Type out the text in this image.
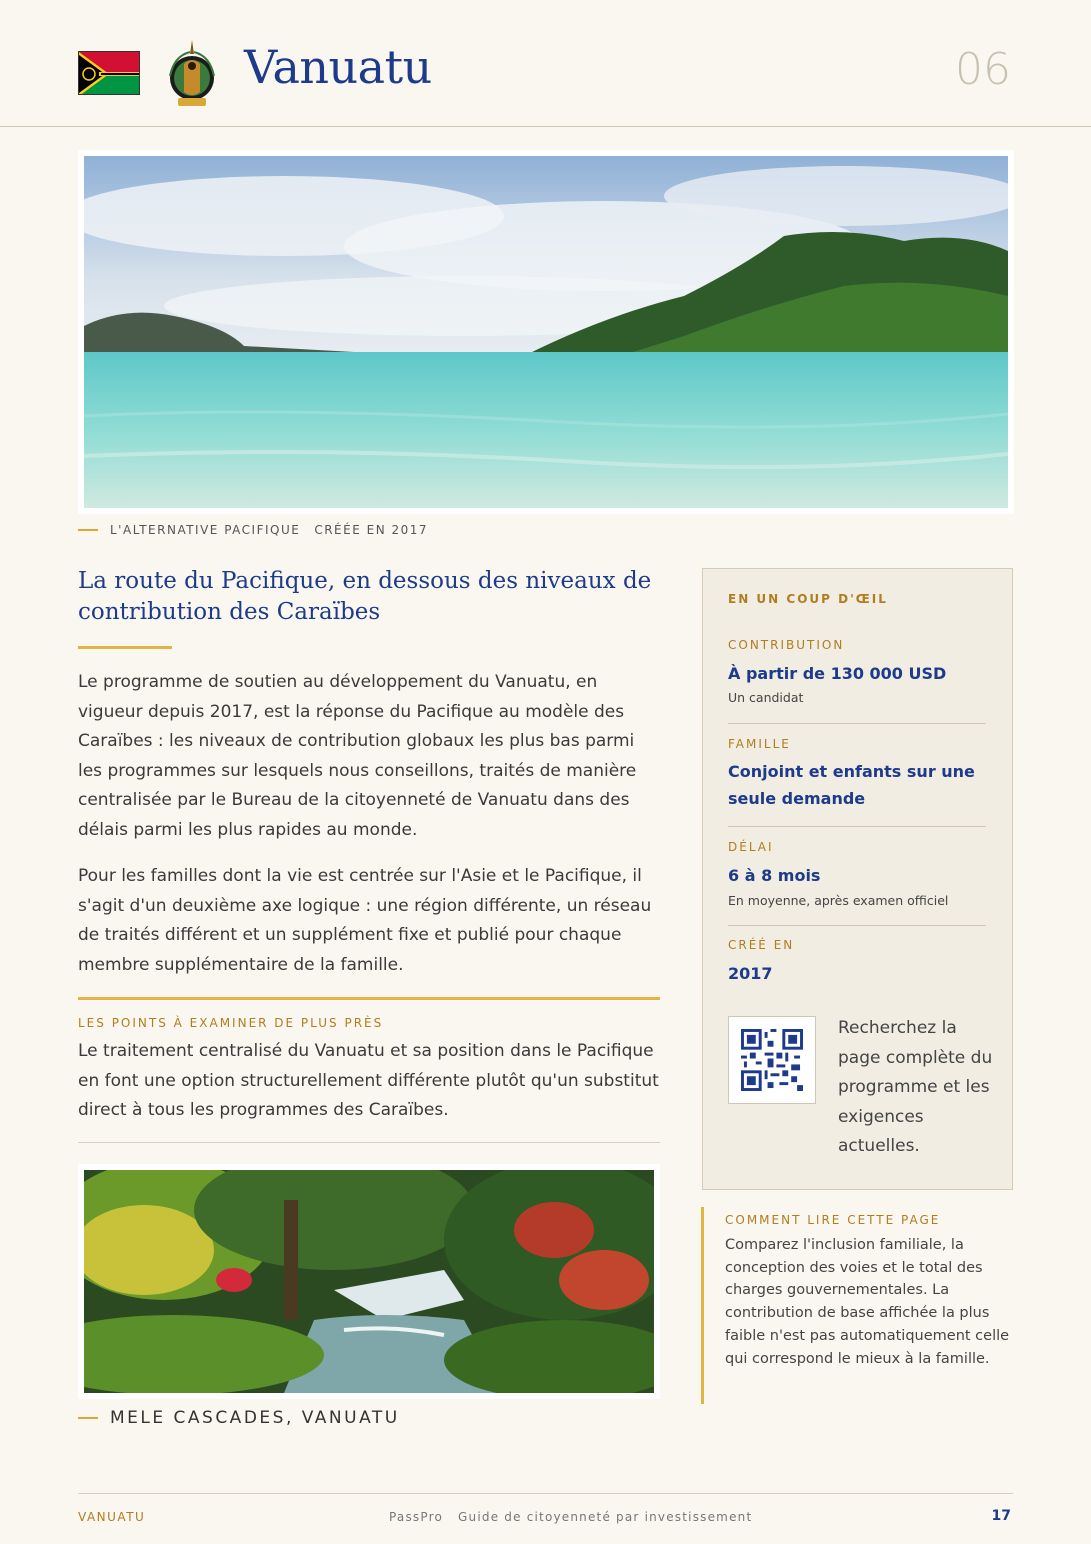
Vanuatu	06
L'ALTERNATIVE PACIFIQUE CRÉÉE EN 2017
La route du Pacifique, en dessous des niveaux de contribution des Caraïbes
Le programme de soutien au développement du Vanuatu, en vigueur depuis 2017, est la réponse du Pacifique au modèle des Caraïbes : les niveaux de contribution globaux les plus bas parmi les programmes sur lesquels nous conseillons, traités de manière centralisée par le Bureau de la citoyenneté de Vanuatu dans des délais parmi les plus rapides au monde.
Pour les familles dont la vie est centrée sur l'Asie et le Pacifique, il s'agit d'un deuxième axe logique : une région différente, un réseau de traités différent et un supplément fixe et publié pour chaque membre supplémentaire de la famille.
LES POINTS À EXAMINER DE PLUS PRÈS
Le traitement centralisé du Vanuatu et sa position dans le Pacifique en font une option structurellement différente plutôt qu'un substitut direct à tous les programmes des Caraïbes.
MELE CASCADES, VANUATU
EN UN COUP D'ŒIL
CONTRIBUTION
À partir de 130 000 USD
Un candidat
FAMILLE
Conjoint et enfants sur une seule demande
DÉLAI
6 à 8 mois
En moyenne, après examen officiel
CRÉÉ EN
2017
Recherchez la page complète du programme et les exigences actuelles.
COMMENT LIRE CETTE PAGE
Comparez l'inclusion familiale, la conception des voies et le total des charges gouvernementales. La contribution de base affichée la plus faible n'est pas automatiquement celle qui correspond le mieux à la famille.
VANUATU	PassPro   Guide de citoyenneté par investissement	17
